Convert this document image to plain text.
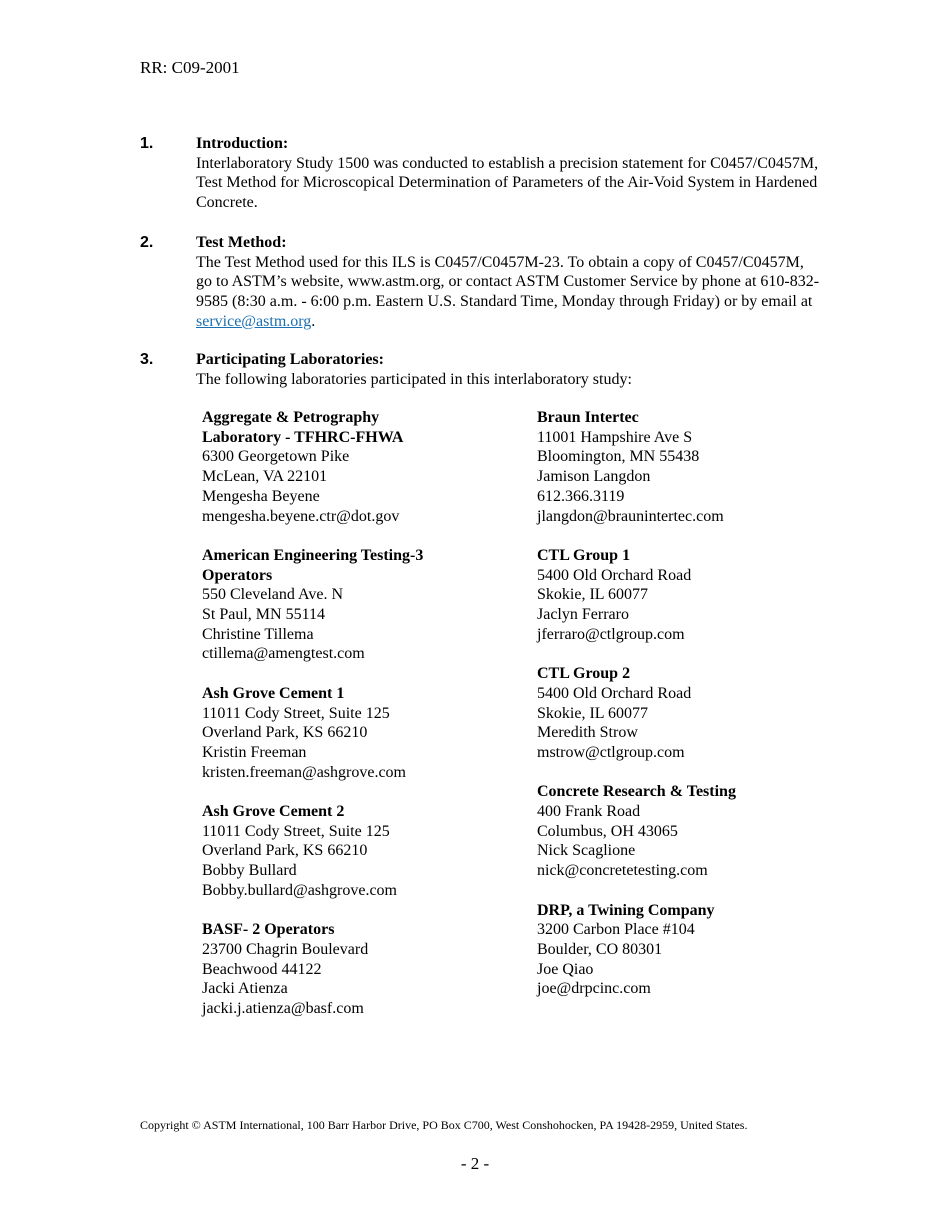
RR: C09-2001
1.	Introduction:
Interlaboratory Study 1500 was conducted to establish a precision statement for C0457/C0457M, Test Method for Microscopical Determination of Parameters of the Air-Void System in Hardened Concrete.
2.	Test Method:
The Test Method used for this ILS is C0457/C0457M-23. To obtain a copy of C0457/C0457M, go to ASTM’s website, www.astm.org, or contact ASTM Customer Service by phone at 610-832-9585 (8:30 a.m. - 6:00 p.m. Eastern U.S. Standard Time, Monday through Friday) or by email at service@astm.org.
3.	Participating Laboratories:
The following laboratories participated in this interlaboratory study:
Aggregate & Petrography Laboratory - TFHRC-FHWA
6300 Georgetown Pike
McLean, VA 22101
Mengesha Beyene
mengesha.beyene.ctr@dot.gov
American Engineering Testing-3 Operators
550 Cleveland Ave. N
St Paul, MN 55114
Christine Tillema
ctillema@amengtest.com
Ash Grove Cement 1
11011 Cody Street, Suite 125
Overland Park, KS 66210
Kristin Freeman
kristen.freeman@ashgrove.com
Ash Grove Cement 2
11011 Cody Street, Suite 125
Overland Park, KS 66210
Bobby Bullard
Bobby.bullard@ashgrove.com
BASF- 2 Operators
23700 Chagrin Boulevard
Beachwood 44122
Jacki Atienza
jacki.j.atienza@basf.com
Braun Intertec
11001 Hampshire Ave S
Bloomington, MN 55438
Jamison Langdon
612.366.3119
jlangdon@braunintertec.com
CTL Group 1
5400 Old Orchard Road
Skokie, IL 60077
Jaclyn Ferraro
jferraro@ctlgroup.com
CTL Group 2
5400 Old Orchard Road
Skokie, IL 60077
Meredith Strow
mstrow@ctlgroup.com
Concrete Research & Testing
400 Frank Road
Columbus, OH 43065
Nick Scaglione
nick@concretetesting.com
DRP, a Twining Company
3200 Carbon Place #104
Boulder, CO 80301
Joe Qiao
joe@drpcinc.com
Copyright © ASTM International, 100 Barr Harbor Drive, PO Box C700, West Conshohocken, PA 19428-2959, United States.
- 2 -
